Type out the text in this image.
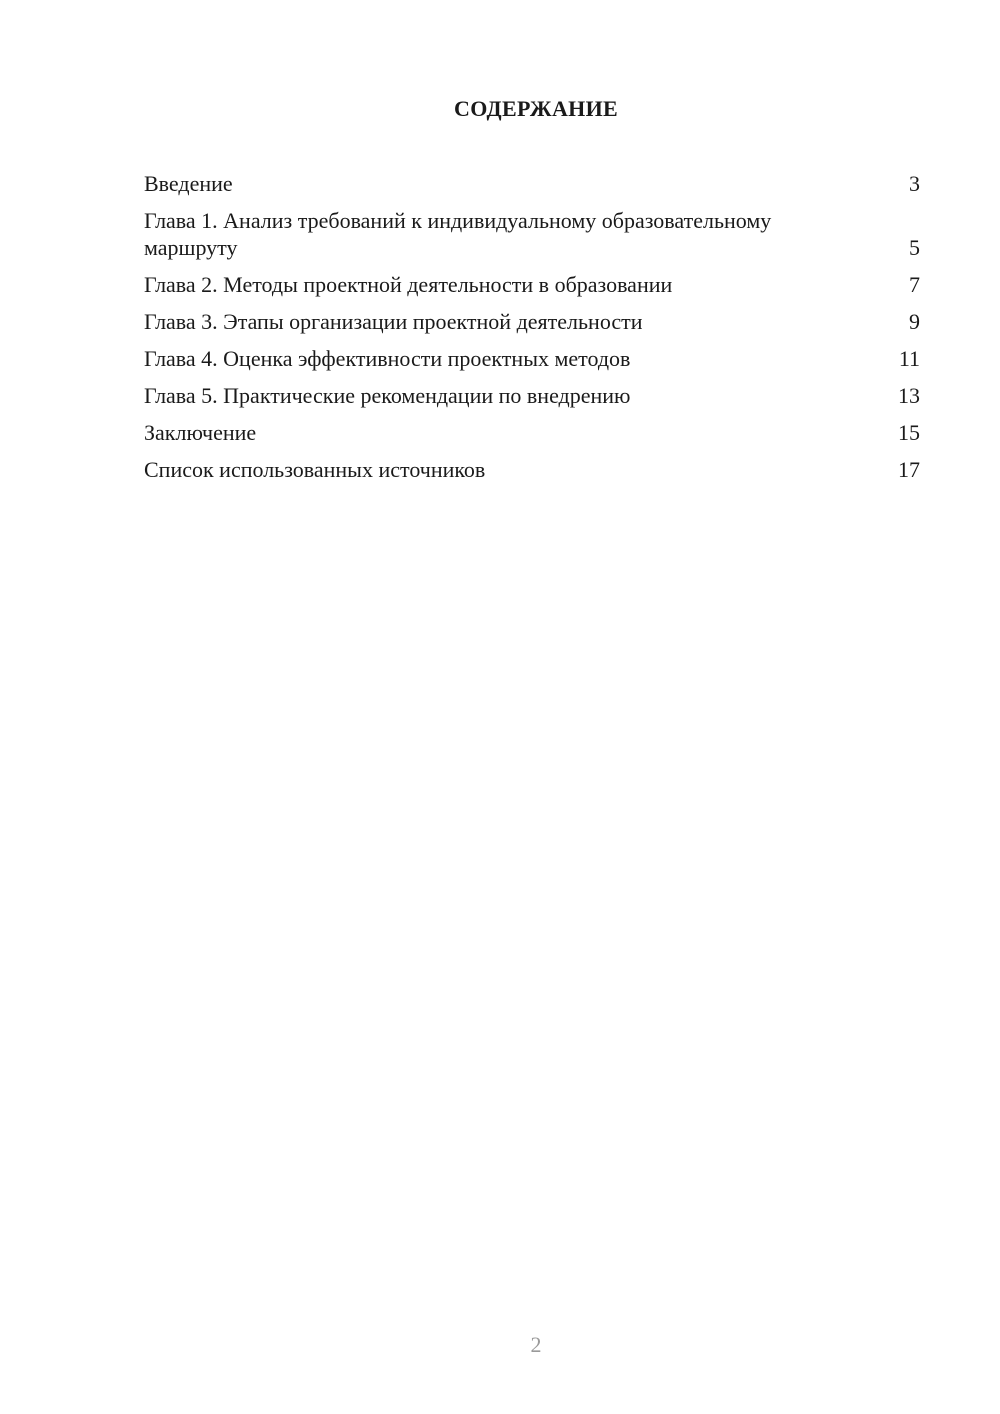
СОДЕРЖАНИЕ
Введение	3
Глава 1. Анализ требований к индивидуальному образовательному маршруту	5
Глава 2. Методы проектной деятельности в образовании	7
Глава 3. Этапы организации проектной деятельности	9
Глава 4. Оценка эффективности проектных методов	11
Глава 5. Практические рекомендации по внедрению	13
Заключение	15
Список использованных источников	17
2
